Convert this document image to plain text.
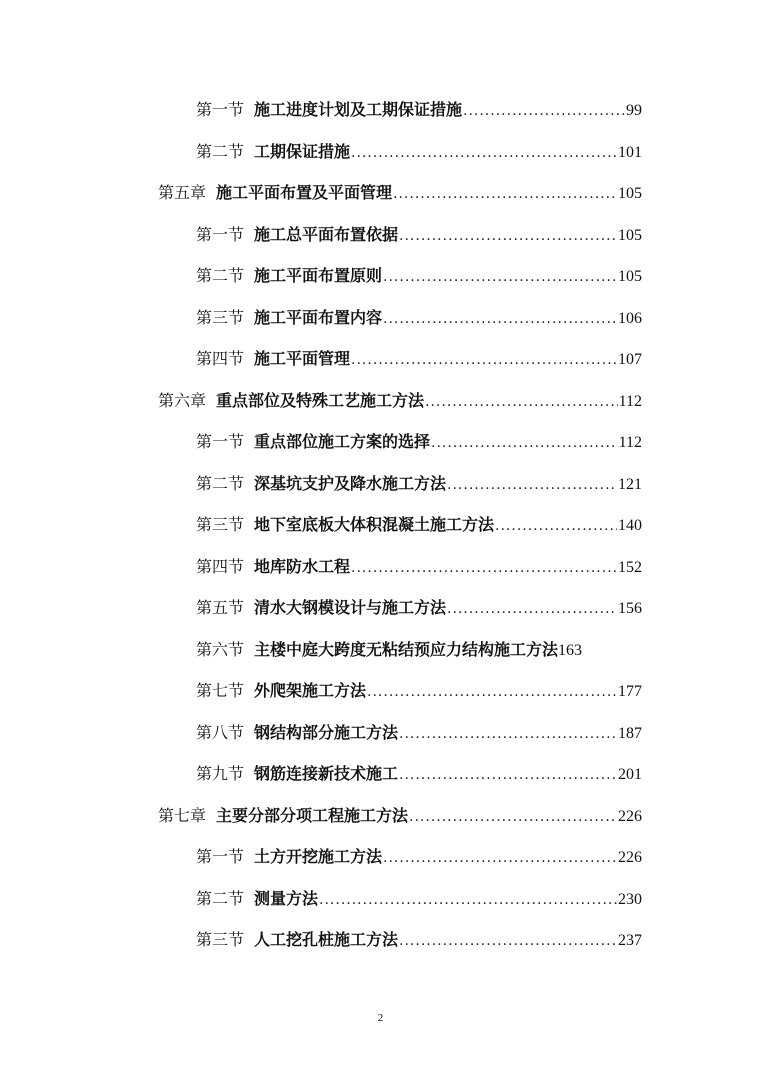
第一节 施工进度计划及工期保证措施 .....	99
第二节 工期保证措施 .....	101
第五章 施工平面布置及平面管理 .....	105
第一节 施工总平面布置依据 .....	105
第二节 施工平面布置原则 .....	105
第三节 施工平面布置内容 .....	106
第四节 施工平面管理 .....	107
第六章 重点部位及特殊工艺施工方法 .....	112
第一节 重点部位施工方案的选择 .....	112
第二节 深基坑支护及降水施工方法 .....	121
第三节 地下室底板大体积混凝土施工方法 .....	140
第四节 地库防水工程 .....	152
第五节 清水大钢模设计与施工方法 .....	156
第六节 主楼中庭大跨度无粘结预应力结构施工方法 163
第七节 外爬架施工方法 .....	177
第八节 钢结构部分施工方法 .....	187
第九节 钢筋连接新技术施工 .....	201
第七章 主要分部分项工程施工方法 .....	226
第一节 土方开挖施工方法 .....	226
第二节 测量方法 .....	230
第三节 人工挖孔桩施工方法 .....	237
2
